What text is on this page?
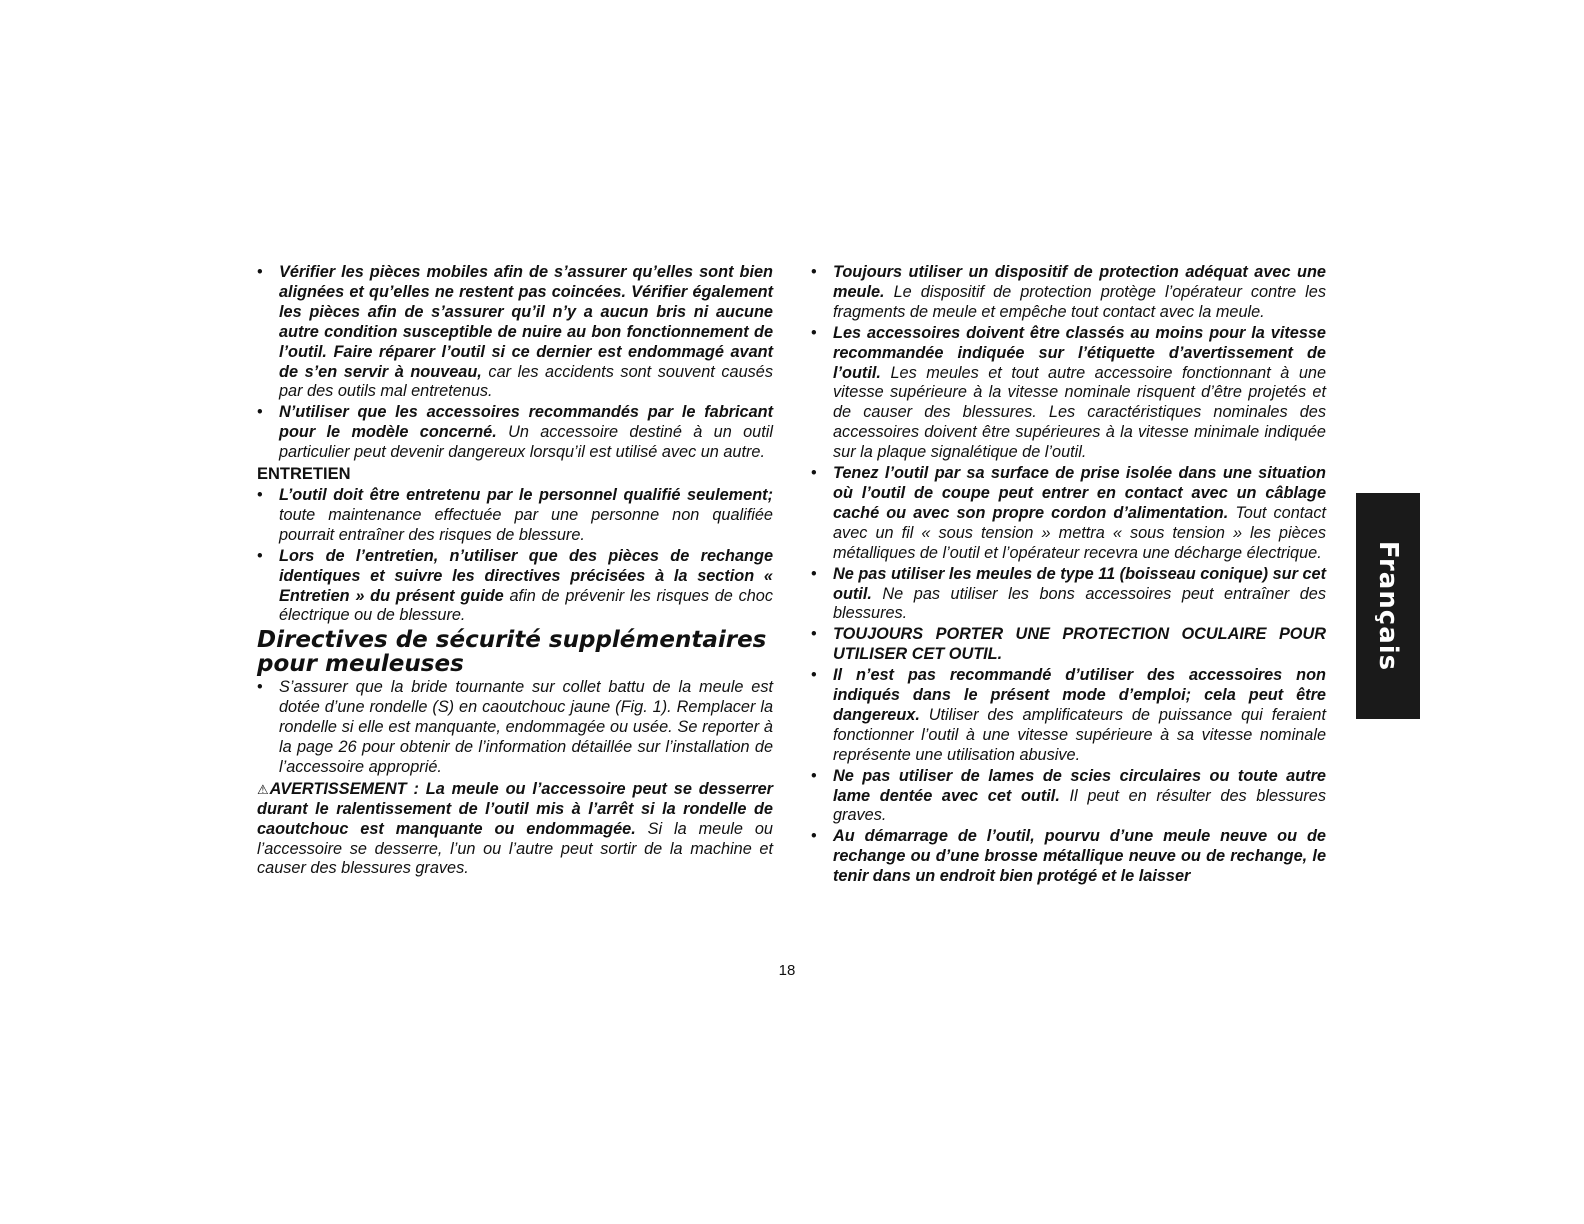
• Vérifier les pièces mobiles afin de s’assurer qu’elles sont bien alignées et qu’elles ne restent pas coincées. Vérifier également les pièces afin de s’assurer qu’il n’y a aucun bris ni aucune autre condition susceptible de nuire au bon fonctionnement de l’outil. Faire réparer l’outil si ce dernier est endommagé avant de s’en servir à nouveau, car les accidents sont souvent causés par des outils mal entretenus.
• N’utiliser que les accessoires recommandés par le fabricant pour le modèle concerné. Un accessoire destiné à un outil particulier peut devenir dangereux lorsqu’il est utilisé avec un autre.
ENTRETIEN
• L’outil doit être entretenu par le personnel qualifié seulement; toute maintenance effectuée par une personne non qualifiée pourrait entraîner des risques de blessure.
• Lors de l’entretien, n’utiliser que des pièces de rechange identiques et suivre les directives précisées à la section « Entretien » du présent guide afin de prévenir les risques de choc électrique ou de blessure.
Directives de sécurité supplémentaires
pour meuleuses
• S’assurer que la bride tournante sur collet battu de la meule est dotée d’une rondelle (S) en caoutchouc jaune (Fig. 1). Remplacer la rondelle si elle est manquante, endommagée ou usée. Se reporter à la page 26 pour obtenir de l’information détaillée sur l’installation de l’accessoire approprié.
⚠AVERTISSEMENT : La meule ou l’accessoire peut se desserrer durant le ralentissement de l’outil mis à l’arrêt si la rondelle de caoutchouc est manquante ou endommagée. Si la meule ou l’accessoire se desserre, l’un ou l’autre peut sortir de la machine et causer des blessures graves.
• Toujours utiliser un dispositif de protection adéquat avec une meule. Le dispositif de protection protège l’opérateur contre les fragments de meule et empêche tout contact avec la meule.
• Les accessoires doivent être classés au moins pour la vitesse recommandée indiquée sur l’étiquette d’avertissement de l’outil. Les meules et tout autre accessoire fonctionnant à une vitesse supérieure à la vitesse nominale risquent d’être projetés et de causer des blessures. Les caractéristiques nominales des accessoires doivent être supérieures à la vitesse minimale indiquée sur la plaque signalétique de l’outil.
• Tenez l’outil par sa surface de prise isolée dans une situation où l’outil de coupe peut entrer en contact avec un câblage caché ou avec son propre cordon d’alimentation. Tout contact avec un fil « sous tension » mettra « sous tension » les pièces métalliques de l’outil et l’opérateur recevra une décharge électrique.
• Ne pas utiliser les meules de type 11 (boisseau conique) sur cet outil. Ne pas utiliser les bons accessoires peut entraîner des blessures.
• TOUJOURS PORTER UNE PROTECTION OCULAIRE POUR UTILISER CET OUTIL.
• Il n’est pas recommandé d’utiliser des accessoires non indiqués dans le présent mode d’emploi; cela peut être dangereux. Utiliser des amplificateurs de puissance qui feraient fonctionner l’outil à une vitesse supérieure à sa vitesse nominale représente une utilisation abusive.
• Ne pas utiliser de lames de scies circulaires ou toute autre lame dentée avec cet outil. Il peut en résulter des blessures graves.
• Au démarrage de l’outil, pourvu d’une meule neuve ou de rechange ou d’une brosse métallique neuve ou de rechange, le tenir dans un endroit bien protégé et le laisser
18
Français
